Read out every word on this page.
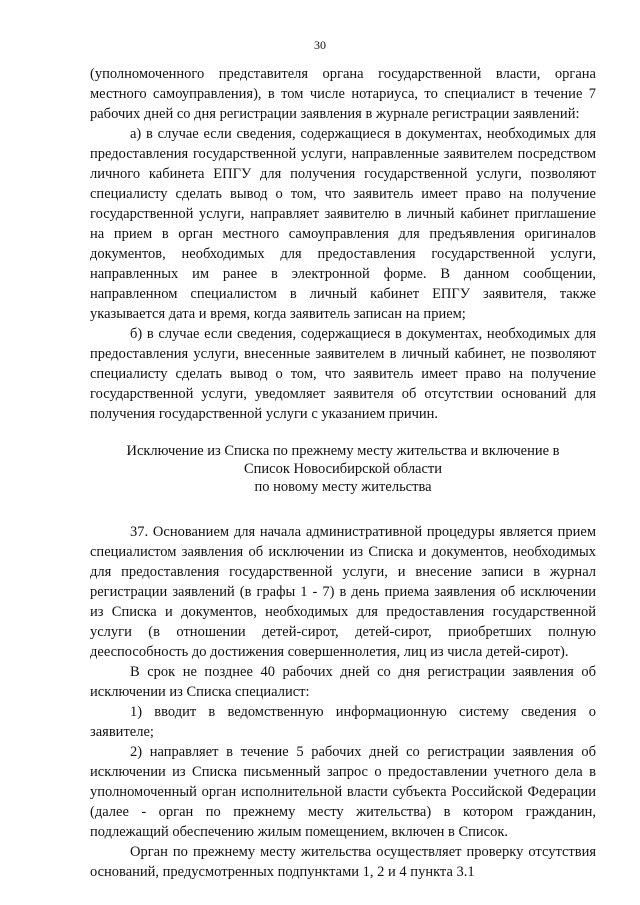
30

(уполномоченного представителя органа государственной власти, органа местного самоуправления), в том числе нотариуса, то специалист в течение 7 рабочих дней со дня регистрации заявления в журнале регистрации заявлений:

а) в случае если сведения, содержащиеся в документах, необходимых для предоставления государственной услуги, направленные заявителем посредством личного кабинета ЕПГУ для получения государственной услуги, позволяют специалисту сделать вывод о том, что заявитель имеет право на получение государственной услуги, направляет заявителю в личный кабинет приглашение на прием в орган местного самоуправления для предъявления оригиналов документов, необходимых для предоставления государственной услуги, направленных им ранее в электронной форме. В данном сообщении, направленном специалистом в личный кабинет ЕПГУ заявителя, также указывается дата и время, когда заявитель записан на прием;

б) в случае если сведения, содержащиеся в документах, необходимых для предоставления услуги, внесенные заявителем в личный кабинет, не позволяют специалисту сделать вывод о том, что заявитель имеет право на получение государственной услуги, уведомляет заявителя об отсутствии оснований для получения государственной услуги с указанием причин.

Исключение из Списка по прежнему месту жительства и включение в
Список Новосибирской области
по новому месту жительства

37. Основанием для начала административной процедуры является прием специалистом заявления об исключении из Списка и документов, необходимых для предоставления государственной услуги, и внесение записи в журнал регистрации заявлений (в графы 1 - 7) в день приема заявления об исключении из Списка и документов, необходимых для предоставления государственной услуги (в отношении детей-сирот, детей-сирот, приобретших полную дееспособность до достижения совершеннолетия, лиц из числа детей-сирот).

В срок не позднее 40 рабочих дней со дня регистрации заявления об исключении из Списка специалист:

1) вводит в ведомственную информационную систему сведения о заявителе;

2) направляет в течение 5 рабочих дней со регистрации заявления об исключении из Списка письменный запрос о предоставлении учетного дела в уполномоченный орган исполнительной власти субъекта Российской Федерации (далее - орган по прежнему месту жительства) в котором гражданин, подлежащий обеспечению жилым помещением, включен в Список.

Орган по прежнему месту жительства осуществляет проверку отсутствия оснований, предусмотренных подпунктами 1, 2 и 4 пункта 3.1
